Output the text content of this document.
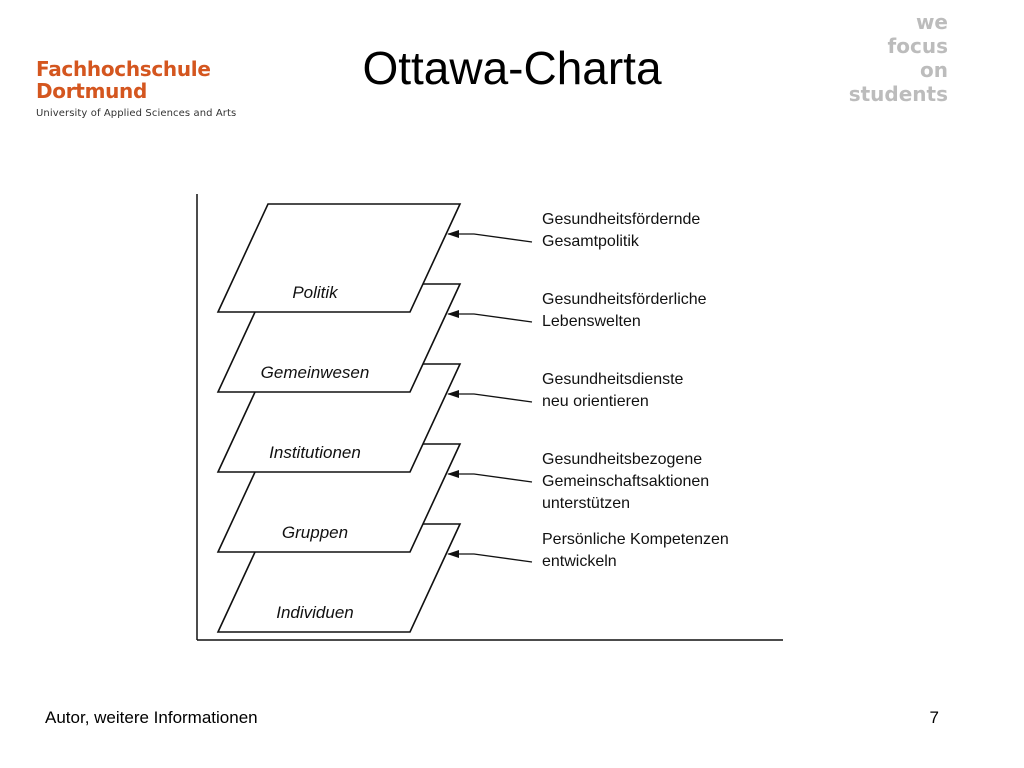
Fachhochschule
Dortmund
University of Applied Sciences and Arts
Ottawa-Charta
we
focus
on
students
Individuen
Persönliche Kompetenzen entwickeln
Gruppen
Gesundheitsbezogene Gemeinschaftsaktionen unterstützen
Institutionen
Gesundheitsdienste neu orientieren
Gemeinwesen
Gesundheitsförderliche Lebenswelten
Politik
Gesundheitsfördernde Gesamtpolitik
Autor, weitere Informationen	7
